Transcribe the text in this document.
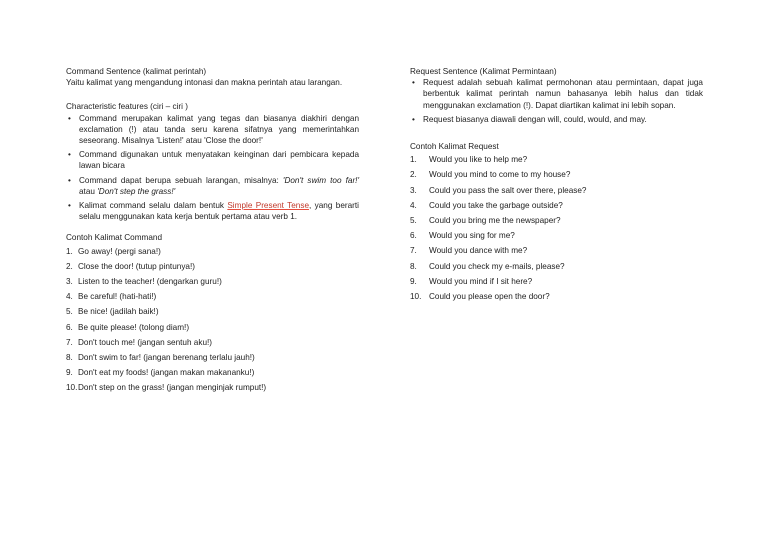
Command Sentence (kalimat perintah)

Yaitu kalimat yang mengandung intonasi dan makna perintah atau larangan.

Characteristic features (ciri – ciri )

• Command merupakan kalimat yang tegas dan biasanya diakhiri dengan exclamation (!) atau tanda seru karena sifatnya yang memerintahkan seseorang. Misalnya 'Listen!' atau 'Close the door!'
• Command digunakan untuk menyatakan keinginan dari pembicara kepada lawan bicara
• Command dapat berupa sebuah larangan, misalnya: 'Don't swim too far!' atau 'Don't step the grass!'
• Kalimat command selalu dalam bentuk Simple Present Tense, yang berarti selalu menggunakan kata kerja bentuk pertama atau verb 1.

Contoh Kalimat Command

1. Go away! (pergi sana!)
2. Close the door! (tutup pintunya!)
3. Listen to the teacher! (dengarkan guru!)
4. Be careful! (hati-hati!)
5. Be nice! (jadilah baik!)
6. Be quite please! (tolong diam!)
7. Don't touch me! (jangan sentuh aku!)
8. Don't swim to far! (jangan berenang terlalu jauh!)
9. Don't eat my foods! (jangan makan makananku!)
10. Don't step on the grass! (jangan menginjak rumput!)

Request Sentence (Kalimat Permintaan)

• Request adalah sebuah kalimat permohonan atau permintaan, dapat juga berbentuk kalimat perintah namun bahasanya lebih halus dan tidak menggunakan exclamation (!). Dapat diartikan kalimat ini lebih sopan.
• Request biasanya diawali dengan will, could, would, and may.

Contoh Kalimat Request

1.	Would you like to help me?
2.	Would you mind to come to my house?
3.	Could you pass the salt over there, please?
4.	Could you take the garbage outside?
5.	Could you bring me the newspaper?
6.	Would you sing for me?
7.	Would you dance with me?
8.	Could you check my e-mails, please?
9.	Would you mind if I sit here?
10. Could you please open the door?
